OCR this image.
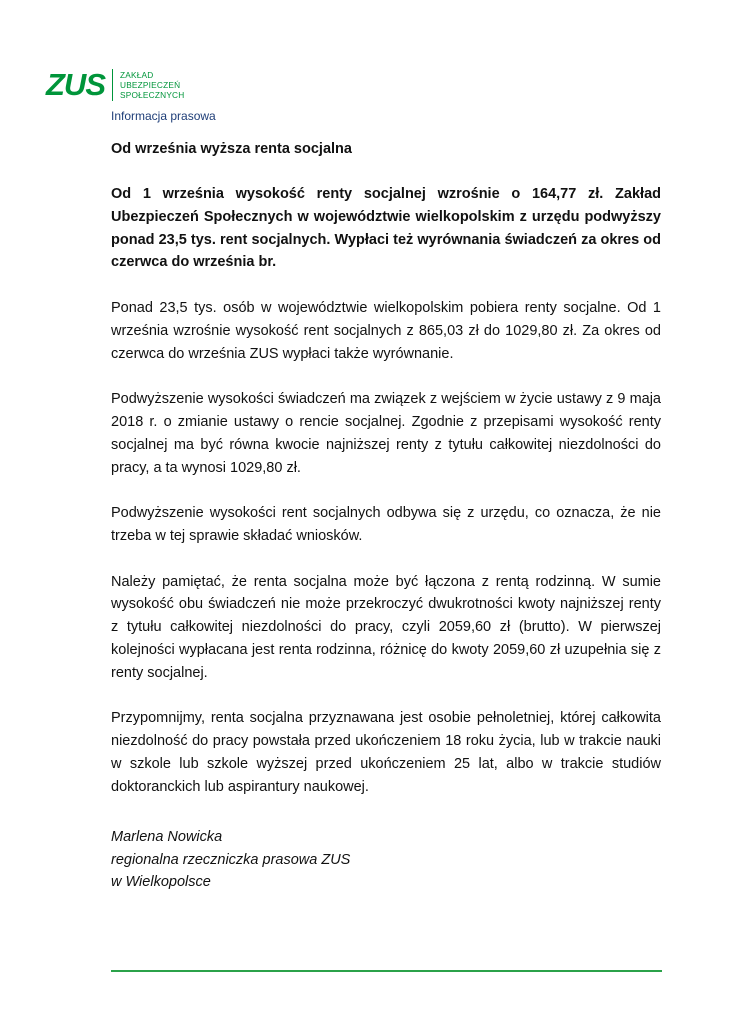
ZUS ZAKŁAD
UBEZPIECZEŃ
SPOŁECZNYCH
Informacja prasowa
Od września wyższa renta socjalna

Od 1 września wysokość renty socjalnej wzrośnie o 164,77 zł. Zakład Ubezpieczeń Społecznych w województwie wielkopolskim z urzędu podwyższy ponad 23,5 tys. rent socjalnych. Wypłaci też wyrównania świadczeń za okres od czerwca do września br.

Ponad 23,5 tys. osób w województwie wielkopolskim pobiera renty socjalne. Od 1 września wzrośnie wysokość rent socjalnych z 865,03 zł do 1029,80 zł. Za okres od czerwca do września ZUS wypłaci także wyrównanie.

Podwyższenie wysokości świadczeń ma związek z wejściem w życie ustawy z 9 maja 2018 r. o zmianie ustawy o rencie socjalnej. Zgodnie z przepisami wysokość renty socjalnej ma być równa kwocie najniższej renty z tytułu całkowitej niezdolności do pracy, a ta wynosi 1029,80 zł.

Podwyższenie wysokości rent socjalnych odbywa się z urzędu, co oznacza, że nie trzeba w tej sprawie składać wniosków.

Należy pamiętać, że renta socjalna może być łączona z rentą rodzinną. W sumie wysokość obu świadczeń nie może przekroczyć dwukrotności kwoty najniższej renty z tytułu całkowitej niezdolności do pracy, czyli 2059,60 zł (brutto). W pierwszej kolejności wypłacana jest renta rodzinna, różnicę do kwoty 2059,60 zł uzupełnia się z renty socjalnej.

Przypomnijmy, renta socjalna przyznawana jest osobie pełnoletniej, której całkowita niezdolność do pracy powstała przed ukończeniem 18 roku życia, lub w trakcie nauki w szkole lub szkole wyższej przed ukończeniem 25 lat, albo w trakcie studiów doktoranckich lub aspirantury naukowej.

Marlena Nowicka
regionalna rzeczniczka prasowa ZUS
w Wielkopolsce
